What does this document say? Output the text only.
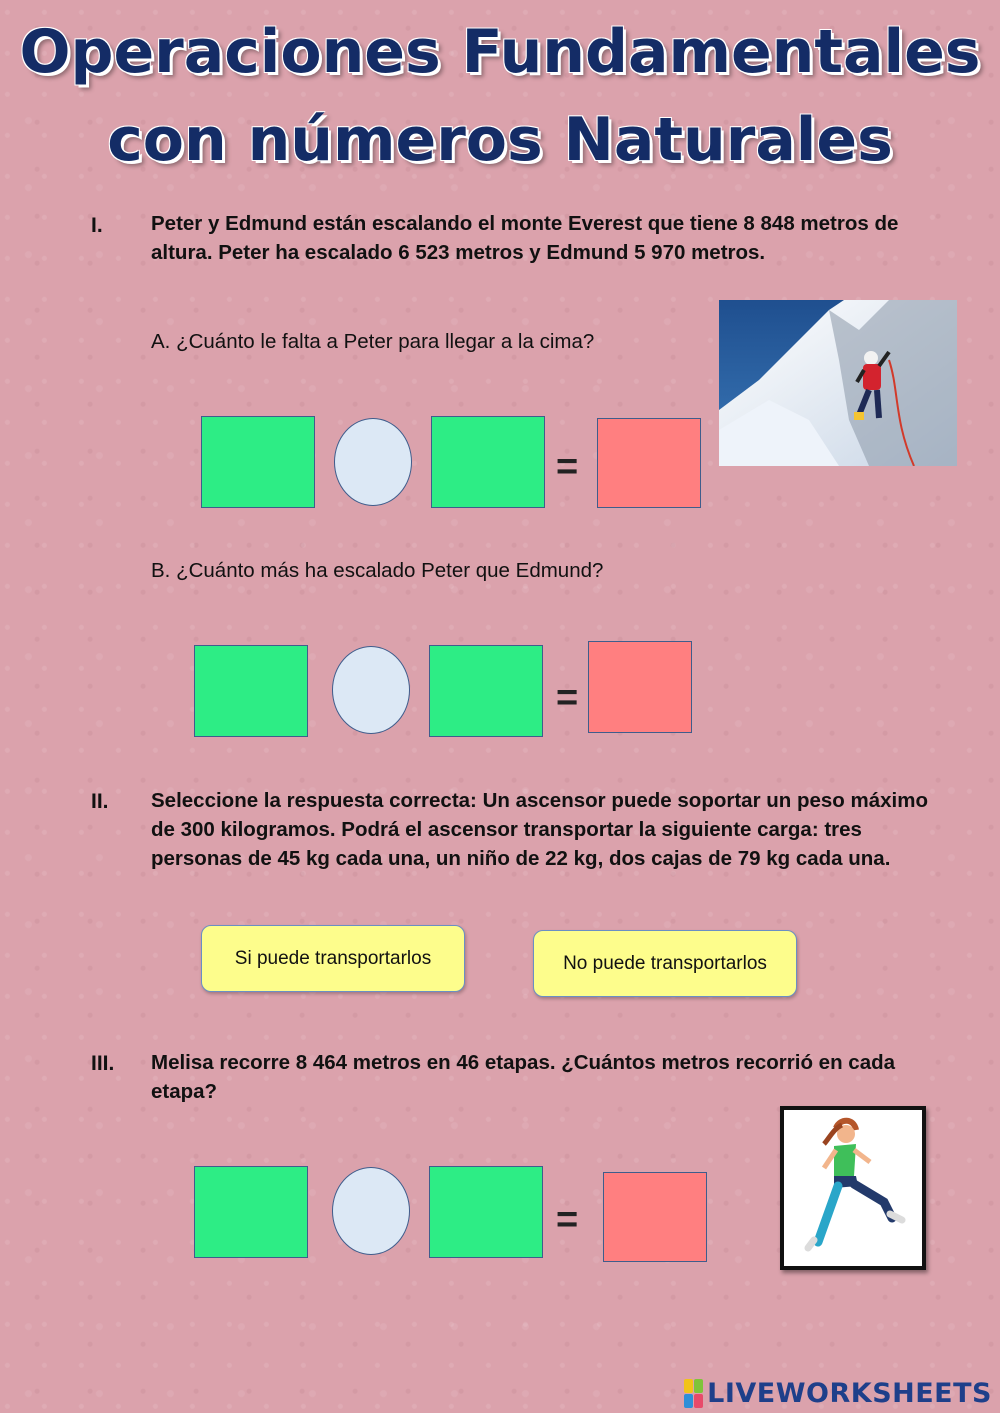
Operaciones Fundamentales
con números Naturales
I. Peter y Edmund están escalando el monte Everest que tiene 8 848 metros de altura. Peter ha escalado 6 523 metros y Edmund 5 970 metros.
A. ¿Cuánto le falta a Peter para llegar a la cima?
=
B. ¿Cuánto más ha escalado Peter que Edmund?
=
II. Seleccione la respuesta correcta: Un ascensor puede soportar un peso máximo de 300 kilogramos. Podrá el ascensor transportar la siguiente carga: tres personas de 45 kg cada una, un niño de 22 kg, dos cajas de 79 kg cada una.
Si puede transportarlos	No puede transportarlos
III. Melisa recorre 8 464 metros en 46 etapas. ¿Cuántos metros recorrió en cada etapa?
=
LIVEWORKSHEETS
